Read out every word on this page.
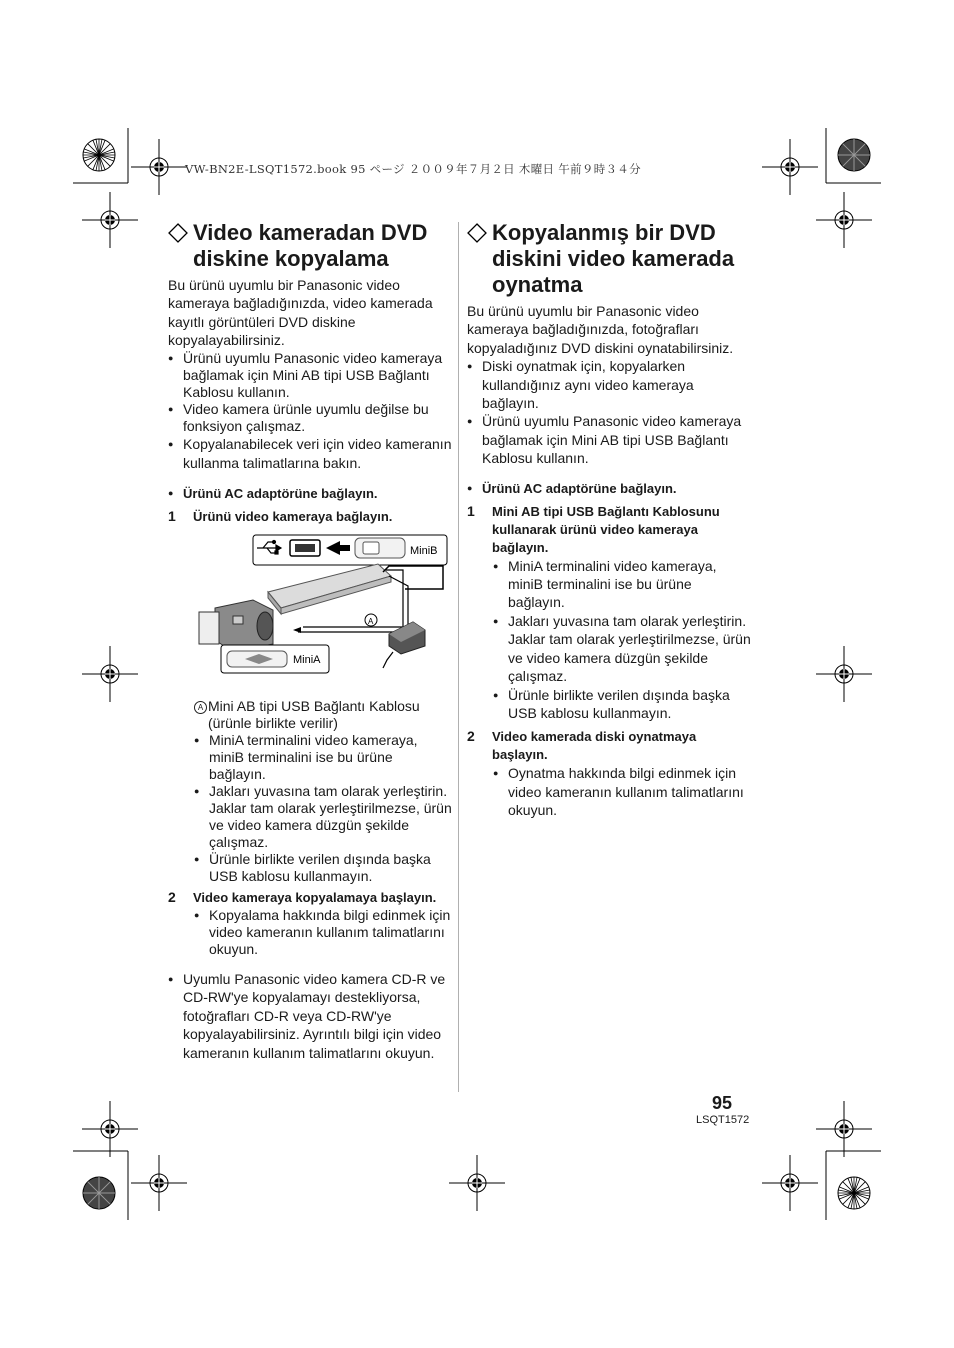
VW-BN2E-LSQT1572.book 95 ページ ２００９年７月２日 木曜日 午前９時３４分
Video kameradan DVD diskine kopyalama

Bu ürünü uyumlu bir Panasonic video kameraya bağladığınızda, video kamerada kayıtlı görüntüleri DVD diskine kopyalayabilirsiniz.

● Ürünü uyumlu Panasonic video kameraya bağlamak için Mini AB tipi USB Bağlantı Kablosu kullanın.

● Video kamera ürünle uyumlu değilse bu fonksiyon çalışmaz.

● Kopyalanabilecek veri için video kameranın kullanma talimatlarına bakın.

● Ürünü AC adaptörüne bağlayın.

1 Ürünü video kameraya bağlayın.

A Mini AB tipi USB Bağlantı Kablosu (ürünle birlikte verilir)

● MiniA terminalini video kameraya, miniB terminalini ise bu ürüne bağlayın.

● Jakları yuvasına tam olarak yerleştirin. Jaklar tam olarak yerleştirilmezse, ürün ve video kamera düzgün şekilde çalışmaz.

● Ürünle birlikte verilen dışında başka USB kablosu kullanmayın.

2 Video kameraya kopyalamaya başlayın.

● Kopyalama hakkında bilgi edinmek için video kameranın kullanım talimatlarını okuyun.

● Uyumlu Panasonic video kamera CD-R ve CD-RW'ye kopyalamayı destekliyorsa, fotoğrafları CD-R veya CD-RW'ye kopyalayabilirsiniz. Ayrıntılı bilgi için video kameranın kullanım talimatlarını okuyun.

MiniB
A
MiniA
Kopyalanmış bir DVD diskini video kamerada oynatma

Bu ürünü uyumlu bir Panasonic video kameraya bağladığınızda, fotoğrafları kopyaladığınız DVD diskini oynatabilirsiniz.

● Diski oynatmak için, kopyalarken kullandığınız aynı video kameraya bağlayın.

● Ürünü uyumlu Panasonic video kameraya bağlamak için Mini AB tipi USB Bağlantı Kablosu kullanın.

● Ürünü AC adaptörüne bağlayın.

1 Mini AB tipi USB Bağlantı Kablosunu kullanarak ürünü video kameraya bağlayın.

● MiniA terminalini video kameraya, miniB terminalini ise bu ürüne bağlayın.

● Jakları yuvasına tam olarak yerleştirin. Jaklar tam olarak yerleştirilmezse, ürün ve video kamera düzgün şekilde çalışmaz.

● Ürünle birlikte verilen dışında başka USB kablosu kullanmayın.

2 Video kamerada diski oynatmaya başlayın.

● Oynatma hakkında bilgi edinmek için video kameranın kullanım talimatlarını okuyun.

95
LSQT1572
